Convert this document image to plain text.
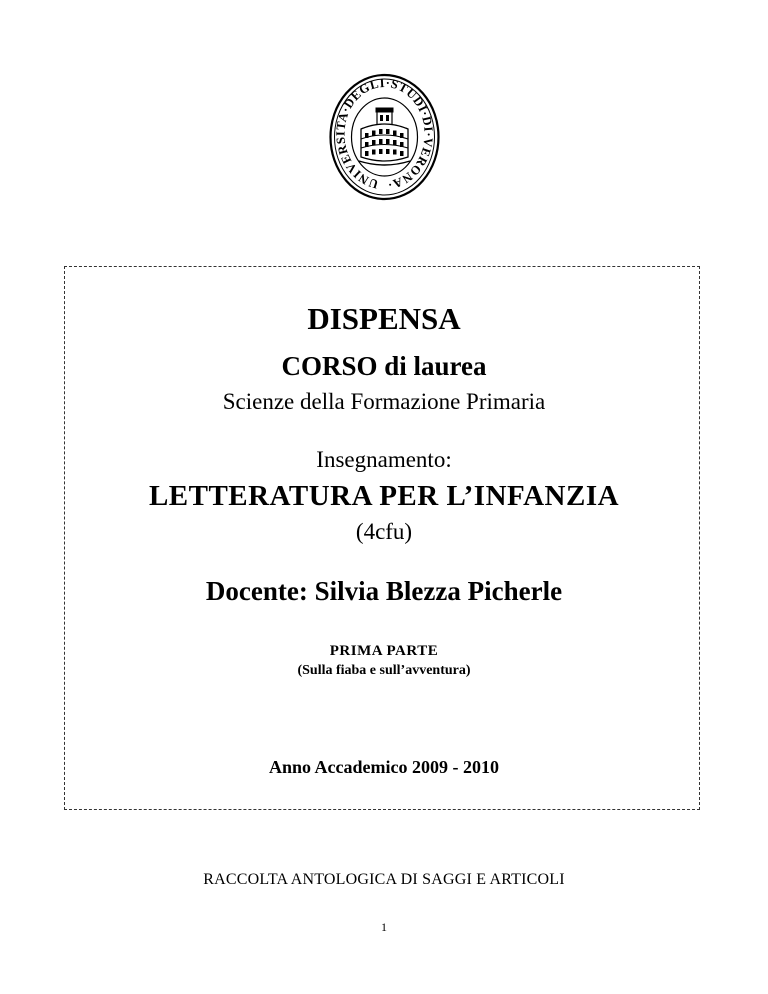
UNIVERSITA·DEGLI·STUDI·DI·VERONA·
DISPENSA
CORSO di laurea
Scienze della Formazione Primaria
Insegnamento:
LETTERATURA PER L’INFANZIA
(4cfu)
Docente: Silvia Blezza Picherle
PRIMA PARTE
(Sulla fiaba e sull’avventura)
Anno Accademico 2009 - 2010
RACCOLTA ANTOLOGICA DI SAGGI E ARTICOLI
1
